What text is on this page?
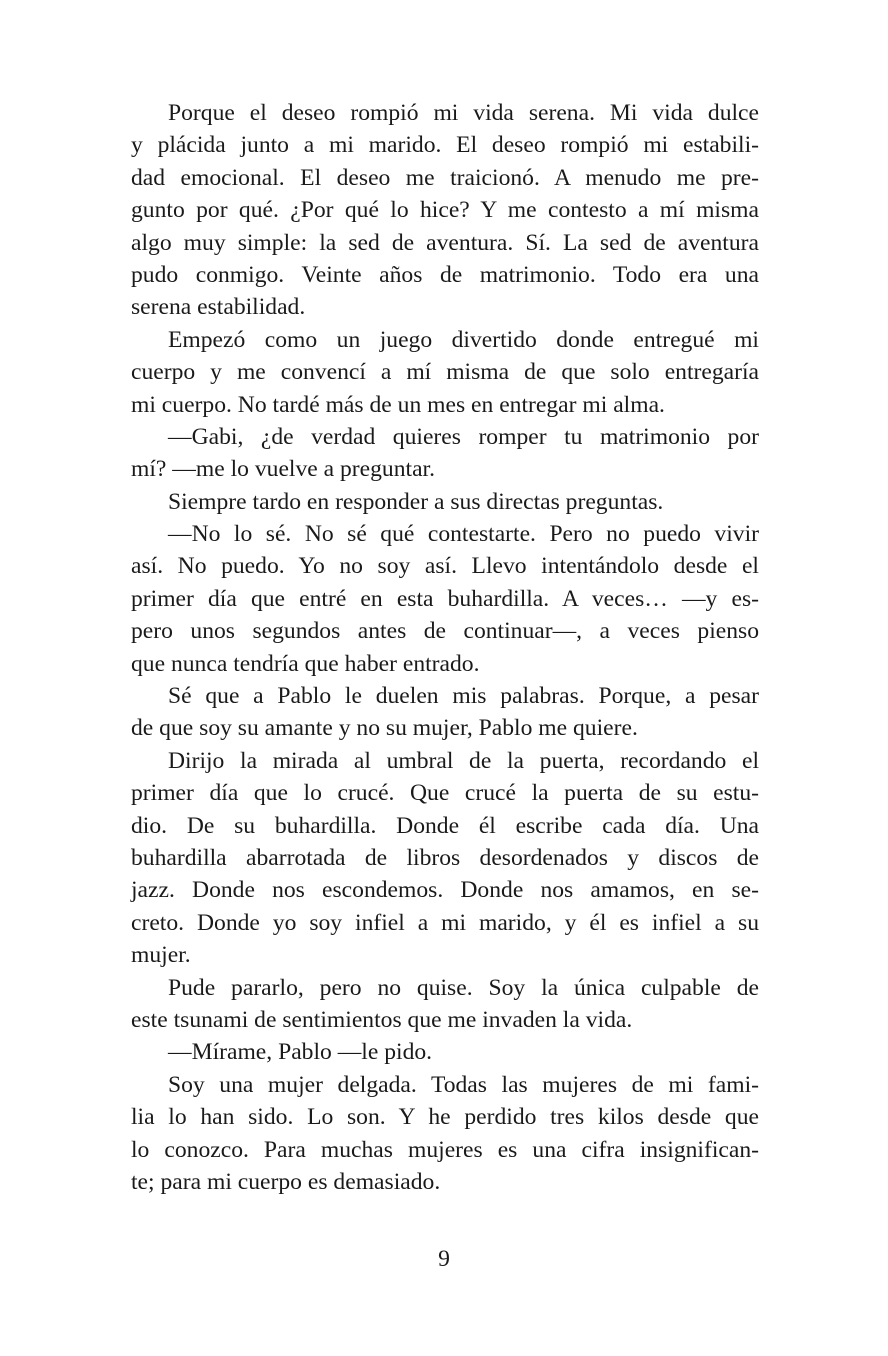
Porque el deseo rompió mi vida serena. Mi vida dulce
y plácida junto a mi marido. El deseo rompió mi estabili-
dad emocional. El deseo me traicionó. A menudo me pre-
gunto por qué. ¿Por qué lo hice? Y me contesto a mí misma
algo muy simple: la sed de aventura. Sí. La sed de aventura
pudo conmigo. Veinte años de matrimonio. Todo era una
serena estabilidad.
Empezó como un juego divertido donde entregué mi
cuerpo y me convencí a mí misma de que solo entregaría
mi cuerpo. No tardé más de un mes en entregar mi alma.
—Gabi, ¿de verdad quieres romper tu matrimonio por
mí? —me lo vuelve a preguntar.
Siempre tardo en responder a sus directas preguntas.
—No lo sé. No sé qué contestarte. Pero no puedo vivir
así. No puedo. Yo no soy así. Llevo intentándolo desde el
primer día que entré en esta buhardilla. A veces… —y es-
pero unos segundos antes de continuar—, a veces pienso
que nunca tendría que haber entrado.
Sé que a Pablo le duelen mis palabras. Porque, a pesar
de que soy su amante y no su mujer, Pablo me quiere.
Dirijo la mirada al umbral de la puerta, recordando el
primer día que lo crucé. Que crucé la puerta de su estu-
dio. De su buhardilla. Donde él escribe cada día. Una
buhardilla abarrotada de libros desordenados y discos de
jazz. Donde nos escondemos. Donde nos amamos, en se-
creto. Donde yo soy infiel a mi marido, y él es infiel a su
mujer.
Pude pararlo, pero no quise. Soy la única culpable de
este tsunami de sentimientos que me invaden la vida.
—Mírame, Pablo —le pido.
Soy una mujer delgada. Todas las mujeres de mi fami-
lia lo han sido. Lo son. Y he perdido tres kilos desde que
lo conozco. Para muchas mujeres es una cifra insignifican-
te; para mi cuerpo es demasiado.
9
